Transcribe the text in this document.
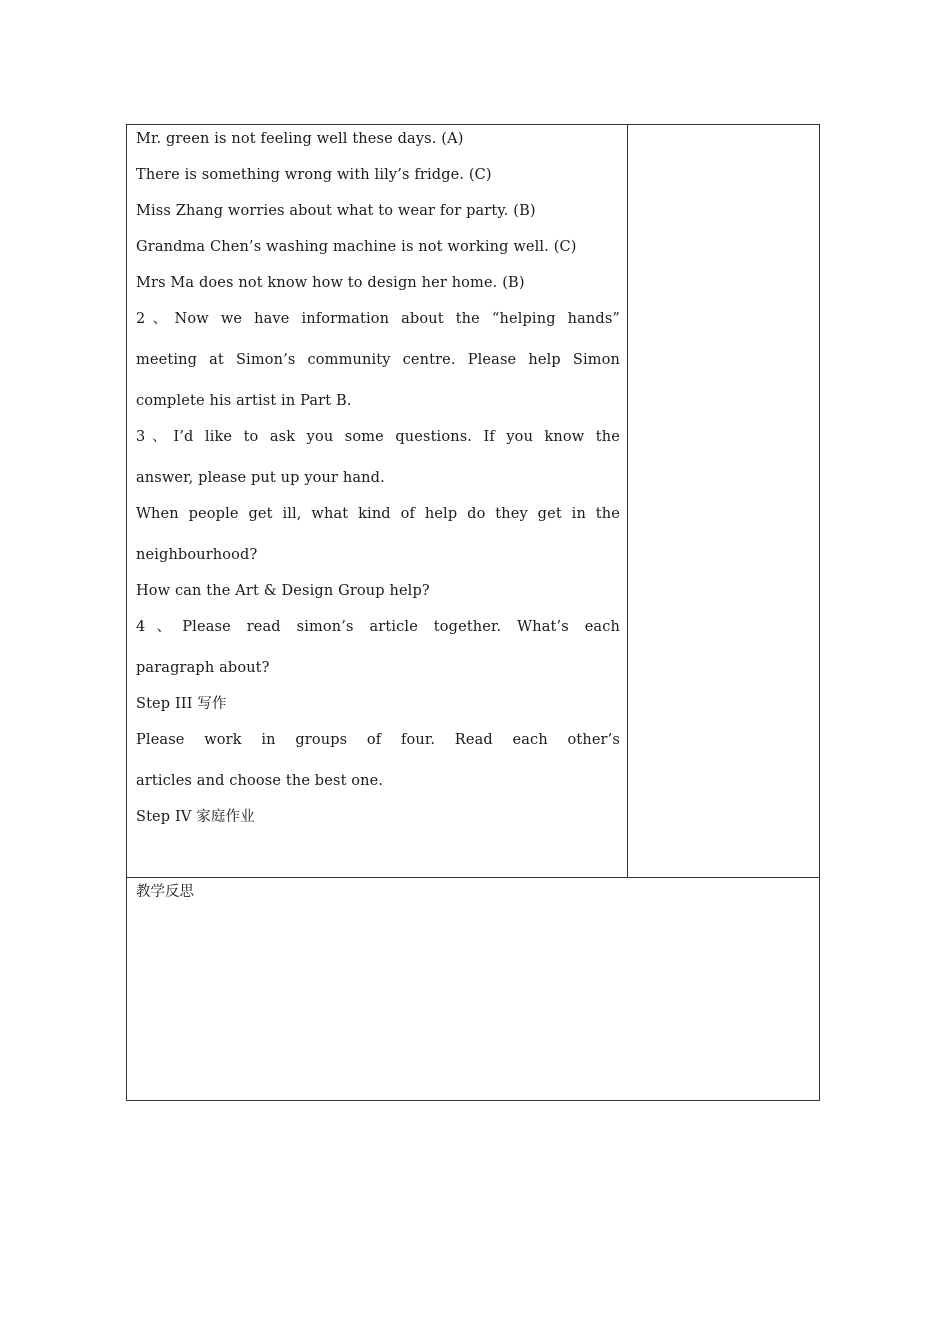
Mr. green is not feeling well these days. (A)
There is something wrong with lily’s fridge. (C)
Miss Zhang worries about what to wear for party. (B)
Grandma Chen’s washing machine is not working well. (C)
Mrs Ma does not know how to design her home. (B)
2、Now we have information about the “helping hands”
meeting at Simon’s community centre. Please help Simon
complete his artist in Part B.
3、I’d like to ask you some questions. If you know the
answer, please put up your hand.
When people get ill, what kind of help do they get in the
neighbourhood?
How can the Art & Design Group help?
4、Please read simon’s article together. What’s each
paragraph about?
Step III 写作
Please work in groups of four. Read each other’s
articles and choose the best one.
Step IV 家庭作业
教学反思
